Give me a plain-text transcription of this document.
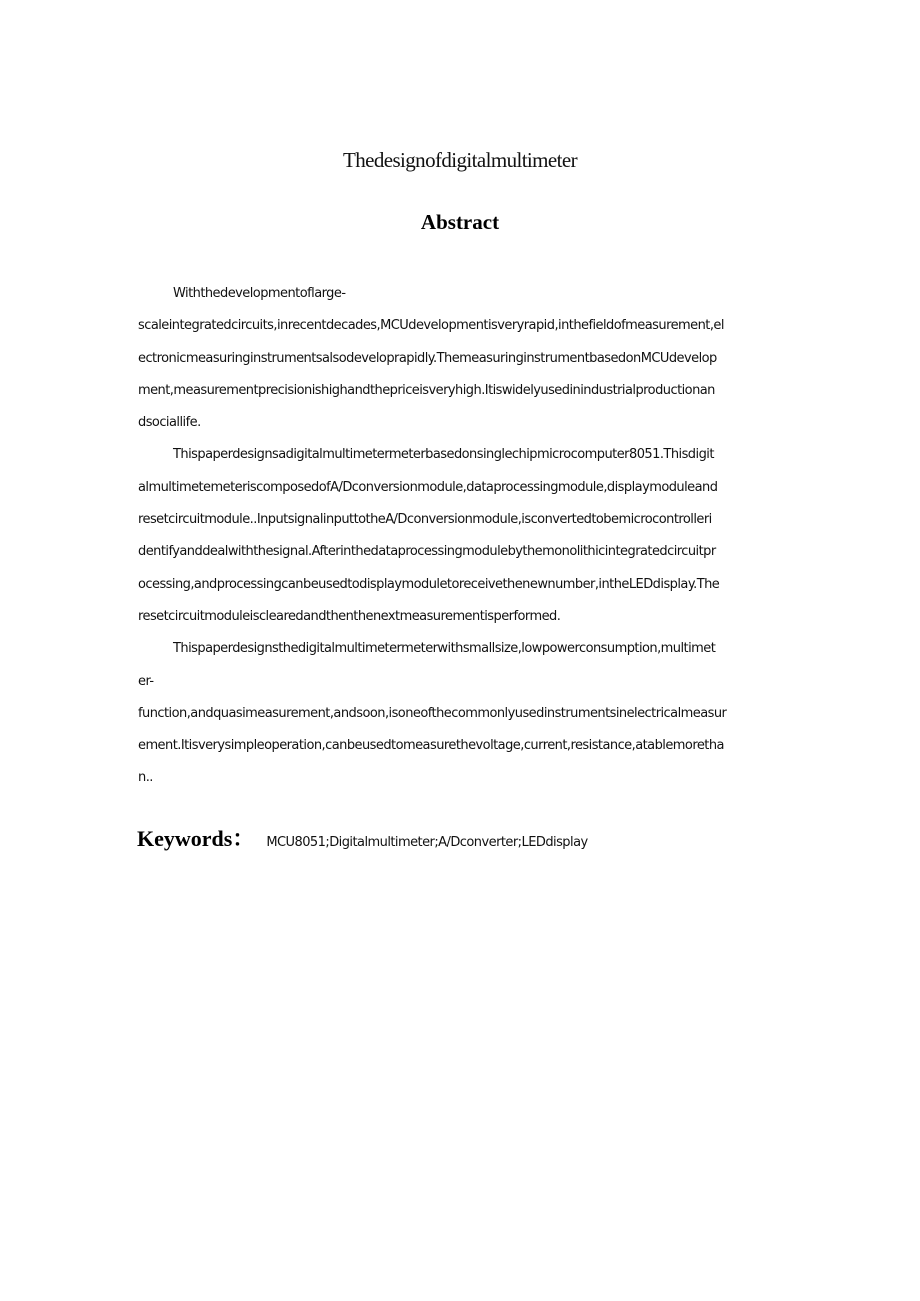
Thedesignofdigitalmultimeter
Abstract
Withthedevelopmentoflarge-
scaleintegratedcircuits,inrecentdecades,MCUdevelopmentisveryrapid,inthefieldofmeasurement,el
ectronicmeasuringinstrumentsalsodeveloprapidly.ThemeasuringinstrumentbasedonMCUdevelop
ment,measurementprecisionishighandthepriceisveryhigh.Itiswidelyusedinindustrialproductionan
dsociallife.
Thispaperdesignsadigitalmultimetermeterbasedonsinglechipmicrocomputer8051.Thisdigit
almultimetemeteriscomposedofA/Dconversionmodule,dataprocessingmodule,displaymoduleand
resetcircuitmodule..InputsignalinputtotheA/Dconversionmodule,isconvertedtobemicrocontrolleri
dentifyanddealwiththesignal.Afterinthedataprocessingmodulebythemonolithicintegratedcircuitpr
ocessing,andprocessingcanbeusedtodisplaymoduletoreceivethenewnumber,intheLEDdisplay.The
resetcircuitmoduleisclearedandthenthenextmeasurementisperformed.
Thispaperdesignsthedigitalmultimetermeterwithsmallsize,lowpowerconsumption,multimet
er-
function,andquasimeasurement,andsoon,isoneofthecommonlyusedinstrumentsinelectricalmeasur
ement.Itisverysimpleoperation,canbeusedtomeasurethevoltage,current,resistance,atablemoretha
n..
Keywords： MCU8051;Digitalmultimeter;A/Dconverter;LEDdisplay
